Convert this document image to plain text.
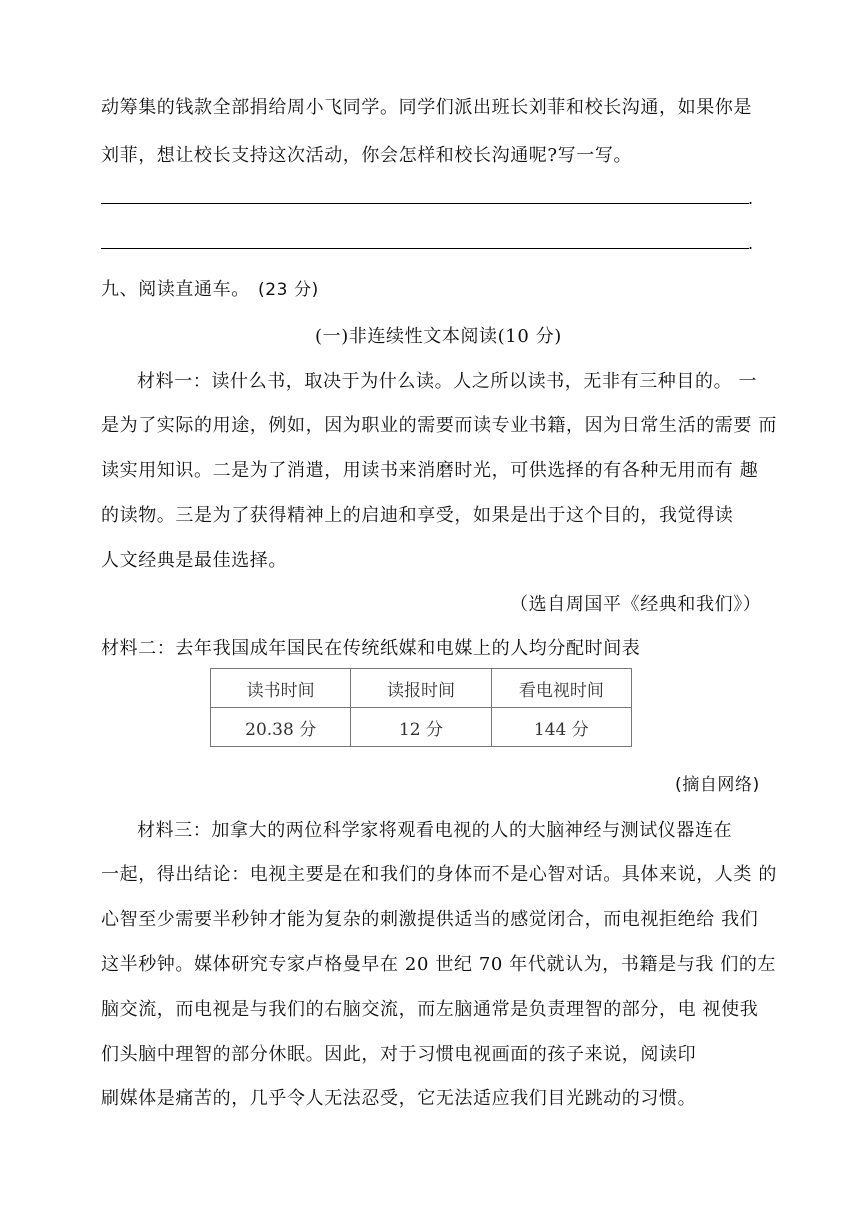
动筹集的钱款全部捐给周小飞同学。同学们派出班长刘菲和校长沟通，如果你是
刘菲，想让校长支持这次活动，你会怎样和校长沟通呢?写一写。
.
.
九、阅读直通车。 (23 分)
(一)非连续性文本阅读(10 分)
材料一：读什么书，取决于为什么读。人之所以读书，无非有三种目的。 一
是为了实际的用途，例如，因为职业的需要而读专业书籍，因为日常生活的需要 而
读实用知识。二是为了消遣，用读书来消磨时光，可供选择的有各种无用而有 趣
的读物。三是为了获得精神上的启迪和享受，如果是出于这个目的，我觉得读
人文经典是最佳选择。
（选自周国平《经典和我们》）
材料二：去年我国成年国民在传统纸媒和电媒上的人均分配时间表
读书时间	读报时间	看电视时间
20.38 分	12 分	144 分
(摘自网络)
材料三：加拿大的两位科学家将观看电视的人的大脑神经与测试仪器连在
一起，得出结论：电视主要是在和我们的身体而不是心智对话。具体来说，人类 的
心智至少需要半秒钟才能为复杂的刺激提供适当的感觉闭合，而电视拒绝给 我们
这半秒钟。媒体研究专家卢格曼早在 20 世纪 70 年代就认为，书籍是与我 们的左
脑交流，而电视是与我们的右脑交流，而左脑通常是负责理智的部分，电 视使我
们头脑中理智的部分休眠。因此，对于习惯电视画面的孩子来说，阅读印
刷媒体是痛苦的，几乎令人无法忍受，它无法适应我们目光跳动的习惯。
